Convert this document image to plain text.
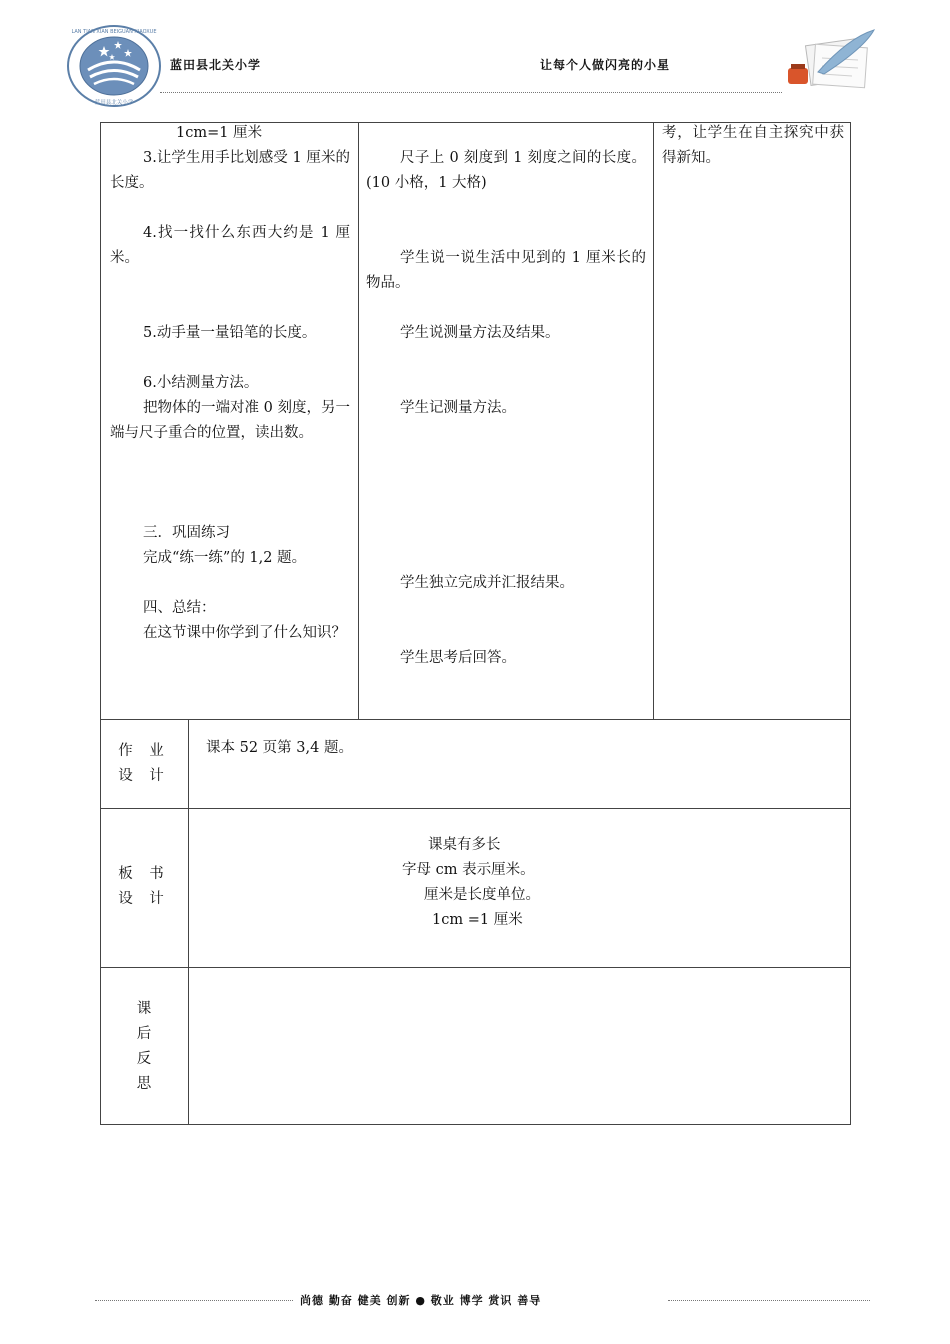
LAN TIAN XIAN BEIGUAN XIAOXUE
蓝田县北关小学
蓝田县北关小学	让每个人做闪亮的小星
1cm=1 厘米
3.让学生用手比划感受 1 厘米的长度。
4.找一找什么东西大约是 1 厘米。
5.动手量一量铅笔的长度。
6.小结测量方法。
把物体的一端对准 0 刻度，另一端与尺子重合的位置，读出数。
三．巩固练习
完成“练一练”的 1,2 题。
四、总结：
在这节课中你学到了什么知识？
尺子上 0 刻度到 1 刻度之间的长度。(10 小格，1 大格)
学生说一说生活中见到的 1 厘米长的物品。
学生说测量方法及结果。
学生记测量方法。
学生独立完成并汇报结果。
学生思考后回答。
考，让学生在自主探究中获得新知。
作 业
设 计
课本 52 页第 3,4 题。
板 书
设 计
课桌有多长
字母 cm 表示厘米。
厘米是长度单位。
1cm =1 厘米
课
后
反
思
尚德 勤奋 健美 创新 ● 敬业 博学 赏识 善导
